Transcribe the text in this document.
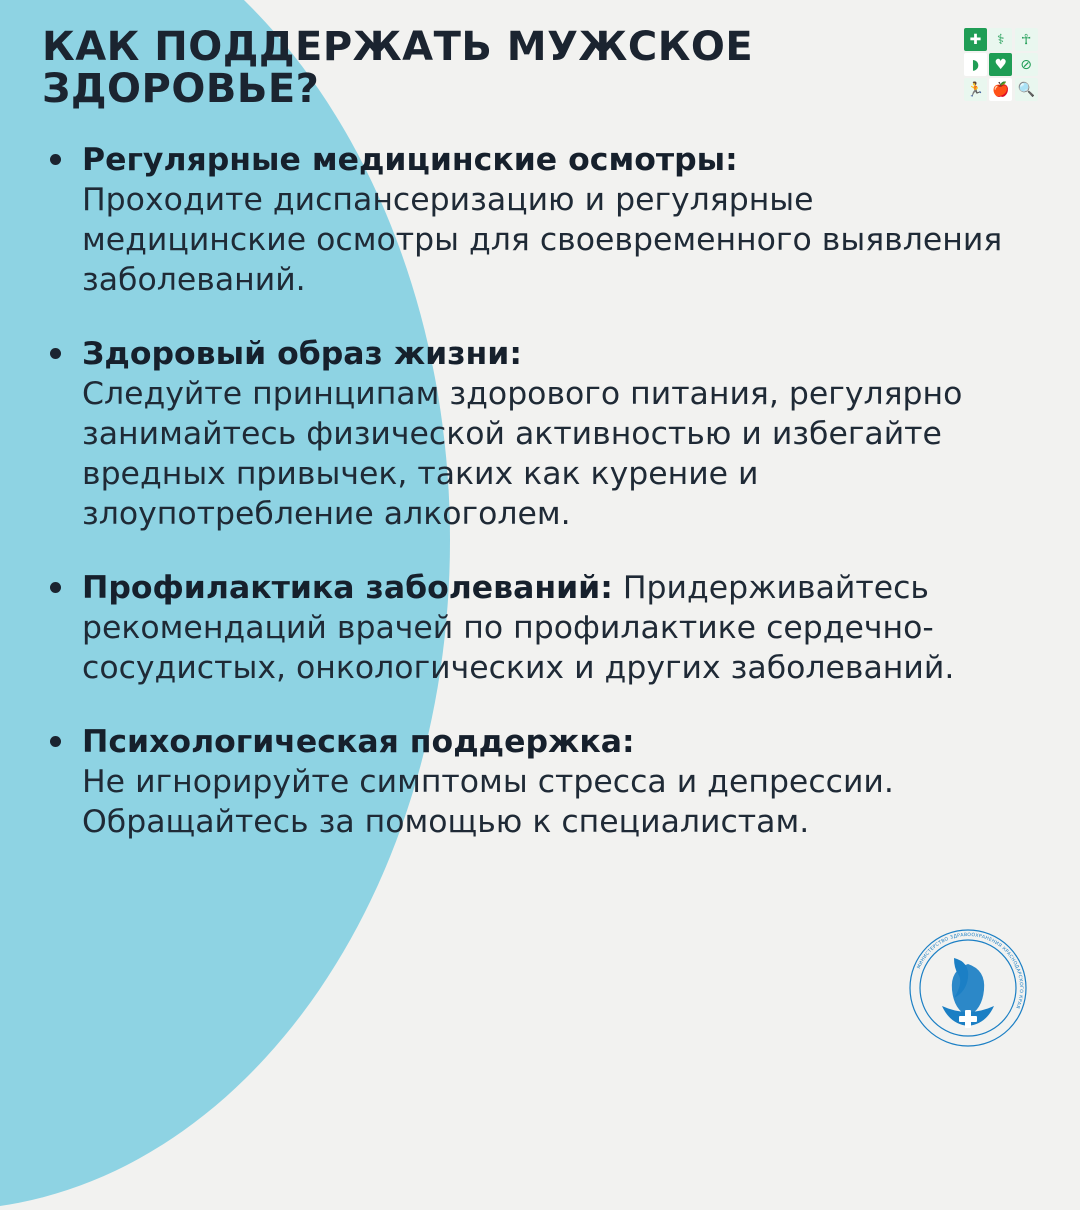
КАК ПОДДЕРЖАТЬ МУЖСКОЕ ЗДОРОВЬЕ?
✚	⚕	☥
◗	♥ ⊘
🏃 🍎 🔍
Регулярные медицинские осмотры:
Проходите диспансеризацию и регулярные медицинские осмотры для своевременного выявления заболеваний.
Здоровый образ жизни:
Следуйте принципам здорового питания, регулярно занимайтесь физической активностью и избегайте вредных привычек, таких как курение и злоупотребление алкоголем.
Профилактика заболеваний: Придерживайтесь рекомендаций врачей по профилактике сердечно-сосудистых, онкологических и других заболеваний.
Психологическая поддержка:
Не игнорируйте симптомы стресса и депрессии. Обращайтесь за помощью к специалистам.
МИНИСТЕРСТВО ЗДРАВООХРАНЕНИЯ КРАСНОДАРСКОГО КРАЯ
